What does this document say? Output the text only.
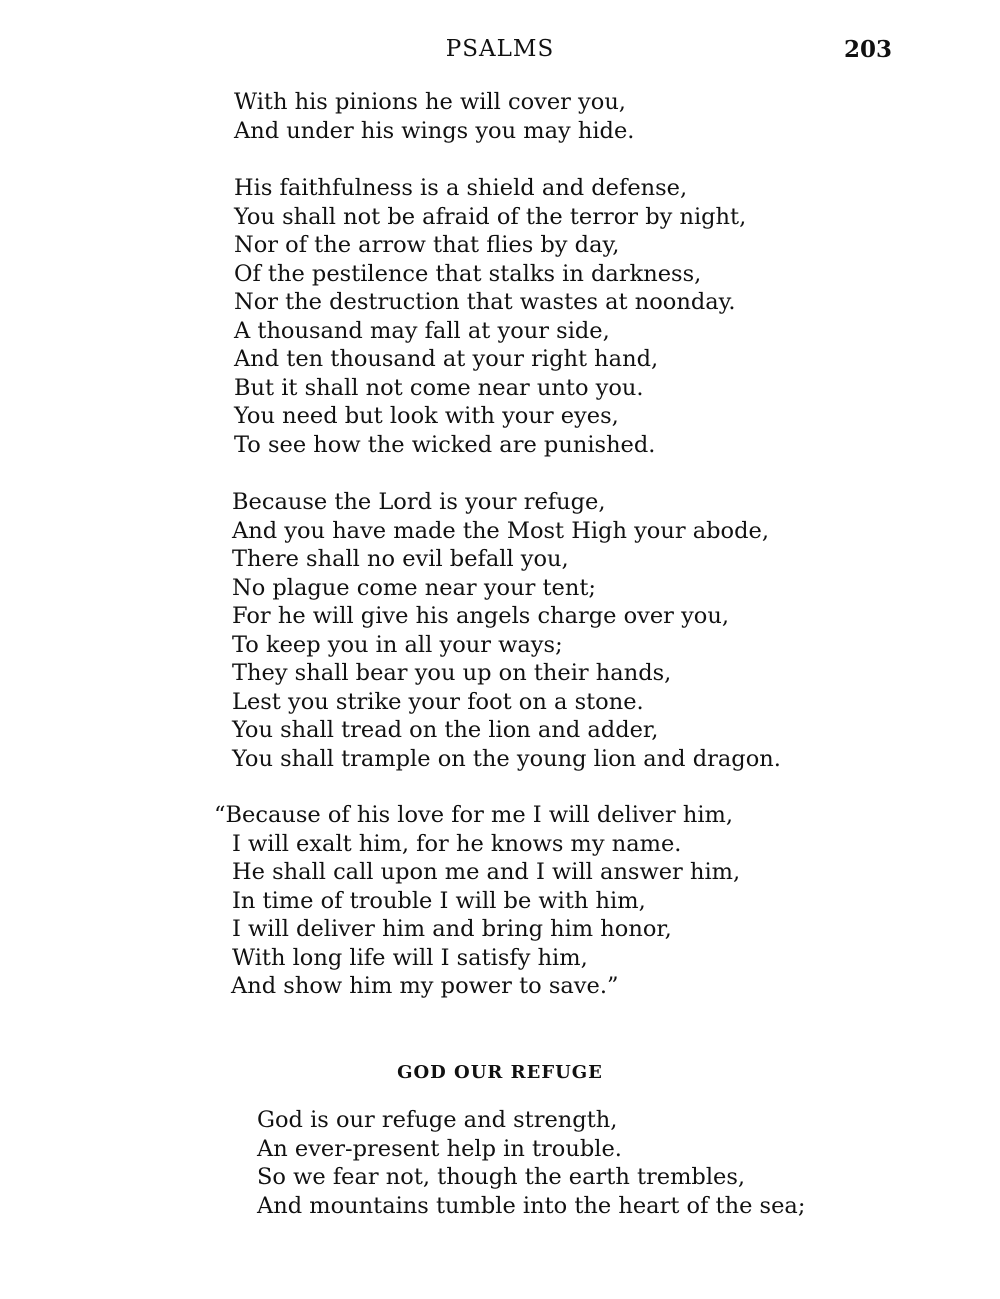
PSALMS	203
With his pinions he will cover you,
And under his wings you may hide.
His faithfulness is a shield and defense,
You shall not be afraid of the terror by night,
Nor of the arrow that flies by day,
Of the pestilence that stalks in darkness,
Nor the destruction that wastes at noonday.
A thousand may fall at your side,
And ten thousand at your right hand,
But it shall not come near unto you.
You need but look with your eyes,
To see how the wicked are punished.
Because the Lord is your refuge,
And you have made the Most High your abode,
There shall no evil befall you,
No plague come near your tent;
For he will give his angels charge over you,
To keep you in all your ways;
They shall bear you up on their hands,
Lest you strike your foot on a stone.
You shall tread on the lion and adder,
You shall trample on the young lion and dragon.
“Because of his love for me I will deliver him,
I will exalt him, for he knows my name.
He shall call upon me and I will answer him,
In time of trouble I will be with him,
I will deliver him and bring him honor,
With long life will I satisfy him,
And show him my power to save.”
GOD OUR REFUGE
God is our refuge and strength,
An ever-present help in trouble.
So we fear not, though the earth trembles,
And mountains tumble into the heart of the sea;
